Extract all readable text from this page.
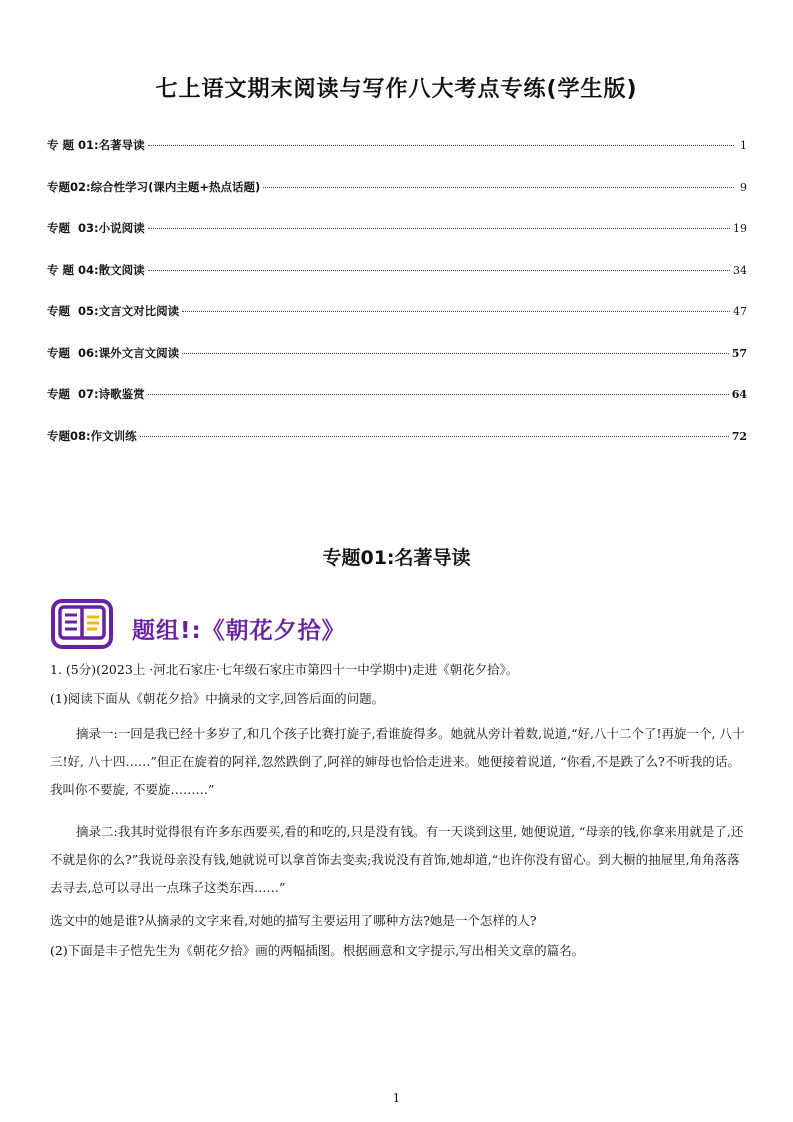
七上语文期末阅读与写作八大考点专练(学生版)
专 题 01:名著导读	1
专题02:综合性学习(课内主题+热点话题)	9
专题  03:小说阅读	19
专 题 04:散文阅读	34
专题  05:文言文对比阅读	47
专题  06:课外文言文阅读	57
专题  07:诗歌鉴赏	64
专题08:作文训练	72
专题01:名著导读
题组!:《朝花夕拾》
1. (5分)(2023上 ·河北石家庄·七年级石家庄市第四十一中学期中)走进《朝花夕拾》。
(1)阅读下面从《朝花夕拾》中摘录的文字,回答后面的问题。
摘录一:一回是我已经十多岁了,和几个孩子比赛打旋子,看谁旋得多。她就从旁计着数,说道,“好,八十二个了!再旋一个, 八十三!好, 八十四……”但正在旋着的阿祥,忽然跌倒了,阿祥的婶母也恰恰走进来。她便接着说道, “你看,不是跌了么?不听我的话。我叫你不要旋, 不要旋………”
摘录二:我其时觉得很有许多东西要买,看的和吃的,只是没有钱。有一天谈到这里, 她便说道, “母亲的钱,你拿来用就是了,还不就是你的么?”我说母亲没有钱,她就说可以拿首饰去变卖;我说没有首饰,她却道,“也许你没有留心。到大橱的抽屉里,角角落落去寻去,总可以寻出一点珠子这类东西……”
选文中的她是谁?从摘录的文字来看,对她的描写主要运用了哪种方法?她是一个怎样的人?
(2)下面是丰子恺先生为《朝花夕拾》画的两幅插图。根据画意和文字提示,写出相关文章的篇名。
1
